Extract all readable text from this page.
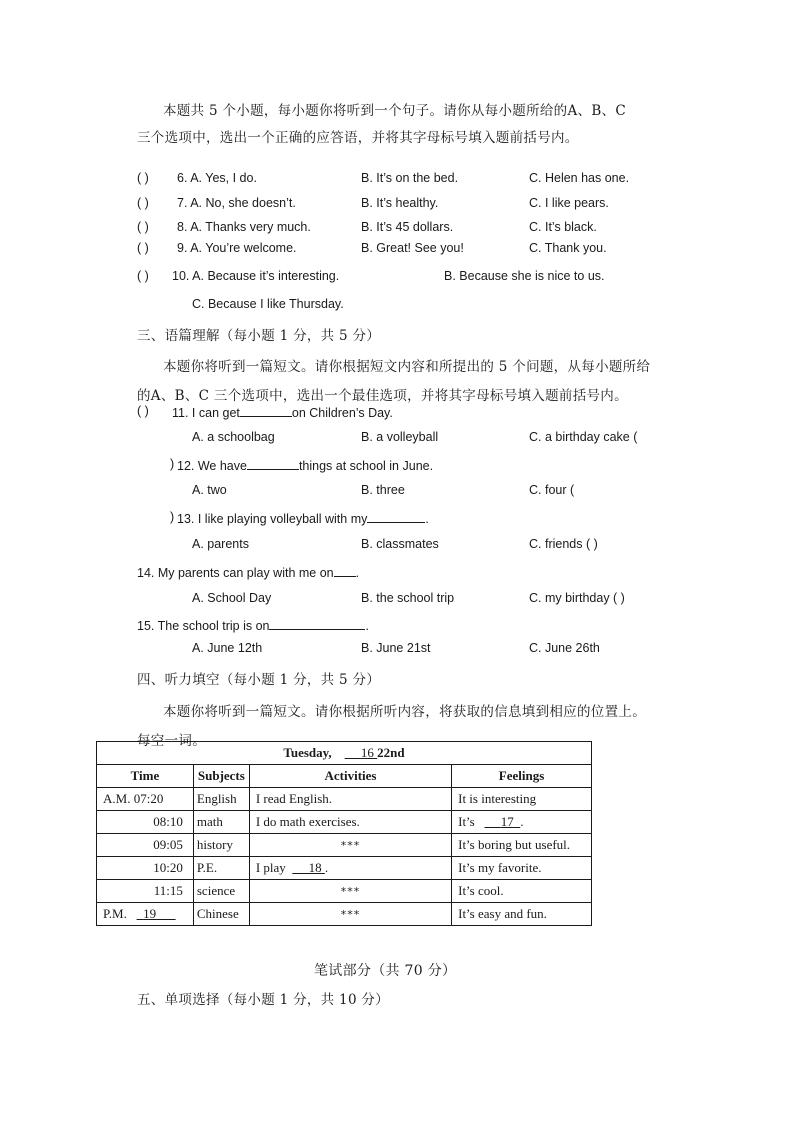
本题共 5 个小题，每小题你将听到一个句子。请你从每小题所给的A、B、C
三个选项中，选出一个正确的应答语，并将其字母标号填入题前括号内。
( ) 6. A. Yes, I do.	B. It’s on the bed.	C. Helen has one.
( ) 7. A. No, she doesn’t.	B. It’s healthy.	C. I like pears.
( ) 8. A. Thanks very much.	B. It’s 45 dollars.	C. It’s black.
( ) 9. A. You’re welcome.	B. Great! See you!	C. Thank you.
( ) 10. A. Because it’s interesting.	B. Because she is nice to us.
C. Because I like Thursday.
三、语篇理解（每小题 1 分，共 5 分）
本题你将听到一篇短文。请你根据短文内容和所提出的 5 个问题，从每小题所给
的A、B、C 三个选项中，选出一个最佳选项，并将其字母标号填入题前括号内。
( ) 11. I can get	on Children’s Day.
A. a schoolbag	B. a volleyball	C. a birthday cake (
) 12. We have	things at school in June.
A. two	B. three	C. four (
) 13. I like playing volleyball with my	.
A. parents	B. classmates	C. friends ( )
14. My parents can play with me on .
A. School Day	B. the school trip	C. my birthday ( )
15. The school trip is on	.
A. June 12th	B. June 21st	C. June 26th
四、听力填空（每小题 1 分，共 5 分）
本题你将听到一篇短文。请你根据所听内容，将获取的信息填到相应的位置上。
每空一词。
Tuesday, 16 22nd			
Time	Subjects	Activities	Feelings
A.M. 07:20	English	I read English.	It is interesting
08:10	math	I do math exercises.	It’s 17 .
09:05	history	***	It’s boring but useful.
10:20	P.E.	I play 18 .	It’s my favorite.
11:15	science	***	It’s cool.
P.M. 19	Chinese	***	It’s easy and fun.
笔试部分（共 70 分）
五、单项选择（每小题 1 分，共 10 分）
